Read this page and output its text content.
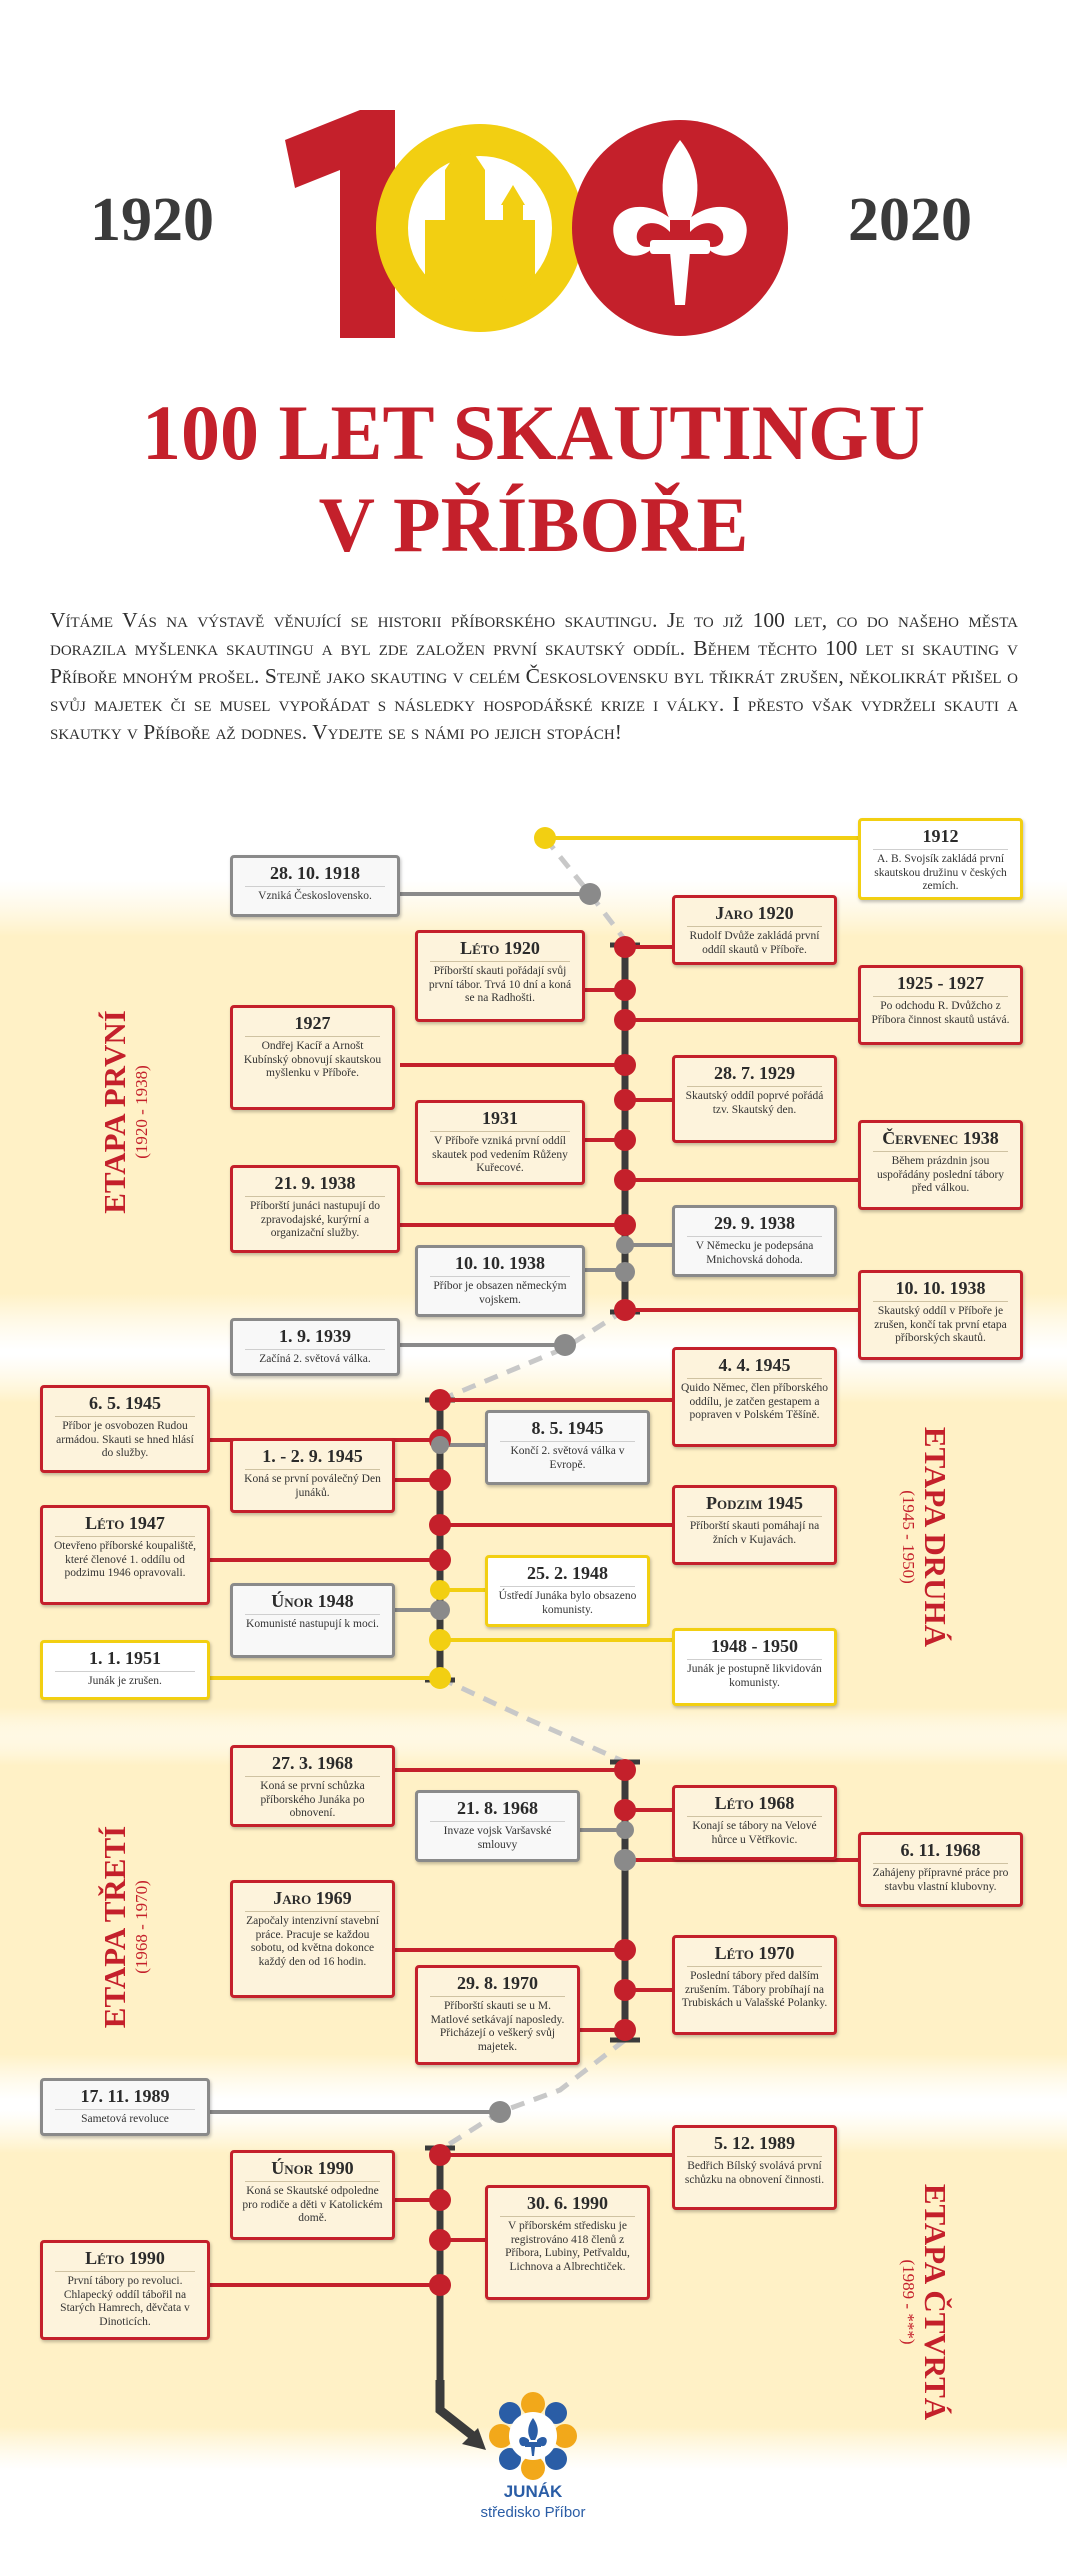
1920	2020
100 LET SKAUTINGU
V PŘÍBOŘE
Vítáme Vás na výstavě věnující se historii příborského skautingu. Je to již 100 let, co do našeho města dorazila myšlenka skautingu a byl zde založen první skautský oddíl. Během těchto 100 let si skauting v Příboře mnohým prošel. Stejně jako skauting v celém Československu byl třikrát zrušen, několikrát přišel o svůj majetek či se musel vypořádat s následky hospodářské krize i války. I přesto však vydrželi skauti a skautky v Příboře až dodnes. Vydejte se s námi po jejich stopách!
ETAPA PRVNÍ (1920 - 1938)
ETAPA DRUHÁ
(1945 - 1950)
ETAPA TŘETÍ (1968 - 1970)
ETAPA ČTVRTÁ
(1989 - ***)
1912
A. B. Svojsík zakládá první skautskou družinu v českých zemích.
28. 10. 1918
Vzniká Československo.
Jaro 1920
Rudolf Dvůže zakládá první oddíl skautů v Příboře.
Léto 1920
Příborští skauti pořádají svůj první tábor. Trvá 10 dní a koná se na Radhošti.
1925 - 1927
Po odchodu R. Dvůžcho z Příbora činnost skautů ustává.
1927
Ondřej Kacíř a Arnošt Kubínský obnovují skautskou myšlenku v Příboře.	28. 7. 1929
Skautský oddíl poprvé pořádá tzv. Skautský den.
1931
V Příboře vzniká první oddíl skautek pod vedením Růženy Kuřecové.
Červenec 1938
Během prázdnin jsou uspořádány poslední tábory před válkou.
21. 9. 1938
Příborští junáci nastupují do zpravodajské, kurýrní a organizační služby.	29. 9. 1938
V Německu je podepsána Mnichovská dohoda.
10. 10. 1938
Příbor je obsazen německým vojskem.
10. 10. 1938
Skautský oddíl v Příboře je zrušen, končí tak první etapa příborských skautů.
1. 9. 1939
Začíná 2. světová válka.	4. 4. 1945
Quido Němec, člen příborského oddílu, je zatčen gestapem a popraven v Polském Těšíně.
6. 5. 1945
Příbor je osvobozen Rudou armádou. Skauti se hned hlásí do služby.
8. 5. 1945
Končí 2. světová válka v Evropě.
1. - 2. 9. 1945
Koná se první poválečný Den junáků.
Podzim 1945
Příborští skauti pomáhají na žních v Kujavách.
Léto 1947
Otevřeno příborské koupaliště, které členové 1. oddílu od podzimu 1946 opravovali.	25. 2. 1948
Ústředí Junáka bylo obsazeno komunisty.
Únor 1948
Komunisté nastupují k moci.
1948 - 1950
Junák je postupně likvidován komunisty.
1. 1. 1951
Junák je zrušen.
27. 3. 1968
Koná se první schůzka příborského Junáka po obnovení.	21. 8. 1968
Invaze vojsk Varšavské smlouvy
Léto 1968
Konají se tábory na Velové hůrce u Větřkovic.
6. 11. 1968
Zahájeny přípravné práce pro stavbu vlastní klubovny.
Jaro 1969
Započaly intenzivní stavební práce. Pracuje se každou sobotu, od května dokonce každý den od 16 hodin.	Léto 1970
Poslední tábory před dalším zrušením. Tábory probíhají na Trubiskách u Valašské Polanky.
29. 8. 1970
Příborští skauti se u M. Matlové setkávají naposledy. Přicházejí o veškerý svůj majetek.
17. 11. 1989
Sametová revoluce
Únor 1990
Koná se Skautské odpoledne pro rodiče a děti v Katolickém domě.
5. 12. 1989
Bedřich Bílský svolává první schůzku na obnovení činnosti.
30. 6. 1990
V příborském středisku je registrováno 418 členů z Příbora, Lubiny, Petřvaldu, Lichnova a Albrechtiček.
Léto 1990
První tábory po revoluci. Chlapecký oddíl tábořil na Starých Hamrech, děvčata v Dinoticích.
JUNÁK
středisko Příbor
